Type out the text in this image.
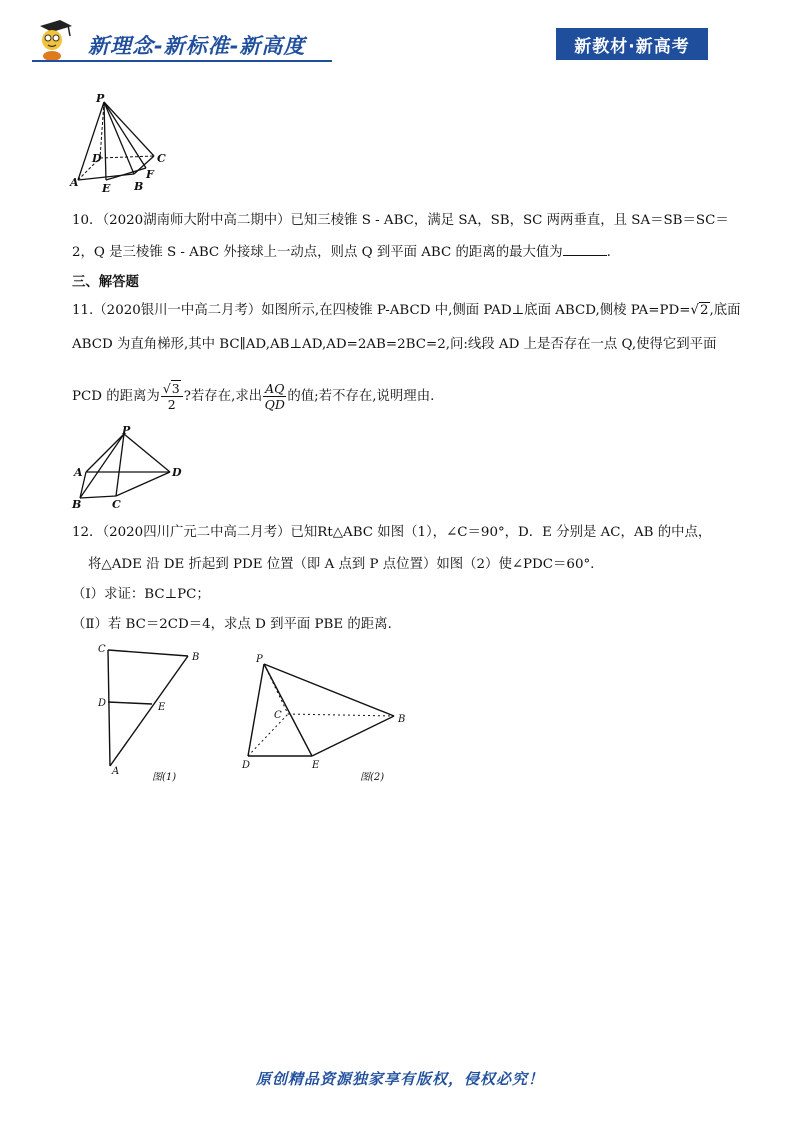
新理念-新标准-新高度	新教材·新高考
P
D	C
A E B
F
10．（2020湖南师大附中高二期中）已知三棱锥 S - ABC，满足 SA，SB，SC 两两垂直，且 SA＝SB＝SC＝
2，Q 是三棱锥 S - ABC 外接球上一动点，则点 Q 到平面 ABC 的距离的最大值为	.
三、解答题
11.（2020银川一中高二月考）如图所示,在四棱锥 P-ABCD 中,侧面 PAD⊥底面 ABCD,侧棱 PA=PD=√2,底面
ABCD 为直角梯形,其中 BC∥AD,AB⊥AD,AD=2AB=2BC=2,问:线段 AD 上是否存在一点 Q,使得它到平面
PCD 的距离为 $\frac{√3}{2}$ ?若存在,求出 $\frac{AQ}{QD}$ 的值;若不存在,说明理由.
P
A	D
B	C
12．（2020四川广元二中高二月考）已知Rt△ABC 如图（1），∠C＝90°，D．E 分别是 AC，AB 的中点，
将△ADE 沿 DE 折起到 PDE 位置（即 A 点到 P 点位置）如图（2）使∠PDC＝60°.
（Ⅰ）求证：BC⊥PC；
（Ⅱ）若 BC＝2CD＝4，求点 D 到平面 PBE 的距离．
C
B
D	E
A
图(1)
P
C	B
D	E
图(2)
原创精品资源独家享有版权，侵权必究！
